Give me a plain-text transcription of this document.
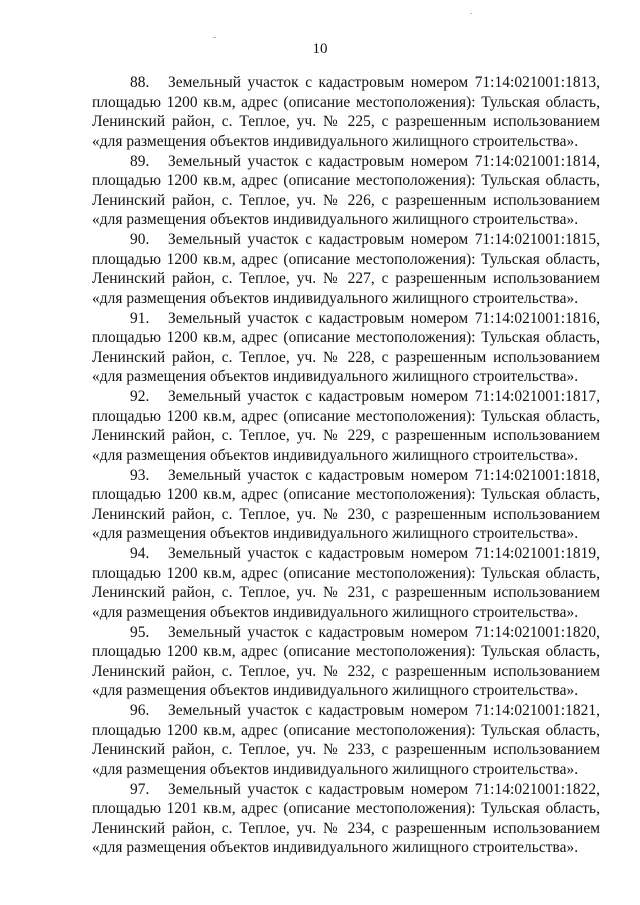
10

88. Земельный участок с кадастровым номером 71:14:021001:1813, площадью 1200 кв.м, адрес (описание местоположения): Тульская область, Ленинский район, с. Теплое, уч. № 225, с разрешенным использованием «для размещения объектов индивидуального жилищного строительства».

89. Земельный участок с кадастровым номером 71:14:021001:1814, площадью 1200 кв.м, адрес (описание местоположения): Тульская область, Ленинский район, с. Теплое, уч. № 226, с разрешенным использованием «для размещения объектов индивидуального жилищного строительства».

90. Земельный участок с кадастровым номером 71:14:021001:1815, площадью 1200 кв.м, адрес (описание местоположения): Тульская область, Ленинский район, с. Теплое, уч. № 227, с разрешенным использованием «для размещения объектов индивидуального жилищного строительства».

91. Земельный участок с кадастровым номером 71:14:021001:1816, площадью 1200 кв.м, адрес (описание местоположения): Тульская область, Ленинский район, с. Теплое, уч. № 228, с разрешенным использованием «для размещения объектов индивидуального жилищного строительства».

92. Земельный участок с кадастровым номером 71:14:021001:1817, площадью 1200 кв.м, адрес (описание местоположения): Тульская область, Ленинский район, с. Теплое, уч. № 229, с разрешенным использованием «для размещения объектов индивидуального жилищного строительства».

93. Земельный участок с кадастровым номером 71:14:021001:1818, площадью 1200 кв.м, адрес (описание местоположения): Тульская область, Ленинский район, с. Теплое, уч. № 230, с разрешенным использованием «для размещения объектов индивидуального жилищного строительства».

94. Земельный участок с кадастровым номером 71:14:021001:1819, площадью 1200 кв.м, адрес (описание местоположения): Тульская область, Ленинский район, с. Теплое, уч. № 231, с разрешенным использованием «для размещения объектов индивидуального жилищного строительства».

95. Земельный участок с кадастровым номером 71:14:021001:1820, площадью 1200 кв.м, адрес (описание местоположения): Тульская область, Ленинский район, с. Теплое, уч. № 232, с разрешенным использованием «для размещения объектов индивидуального жилищного строительства».

96. Земельный участок с кадастровым номером 71:14:021001:1821, площадью 1200 кв.м, адрес (описание местоположения): Тульская область, Ленинский район, с. Теплое, уч. № 233, с разрешенным использованием «для размещения объектов индивидуального жилищного строительства».

97. Земельный участок с кадастровым номером 71:14:021001:1822, площадью 1201 кв.м, адрес (описание местоположения): Тульская область, Ленинский район, с. Теплое, уч. № 234, с разрешенным использованием «для размещения объектов индивидуального жилищного строительства».
